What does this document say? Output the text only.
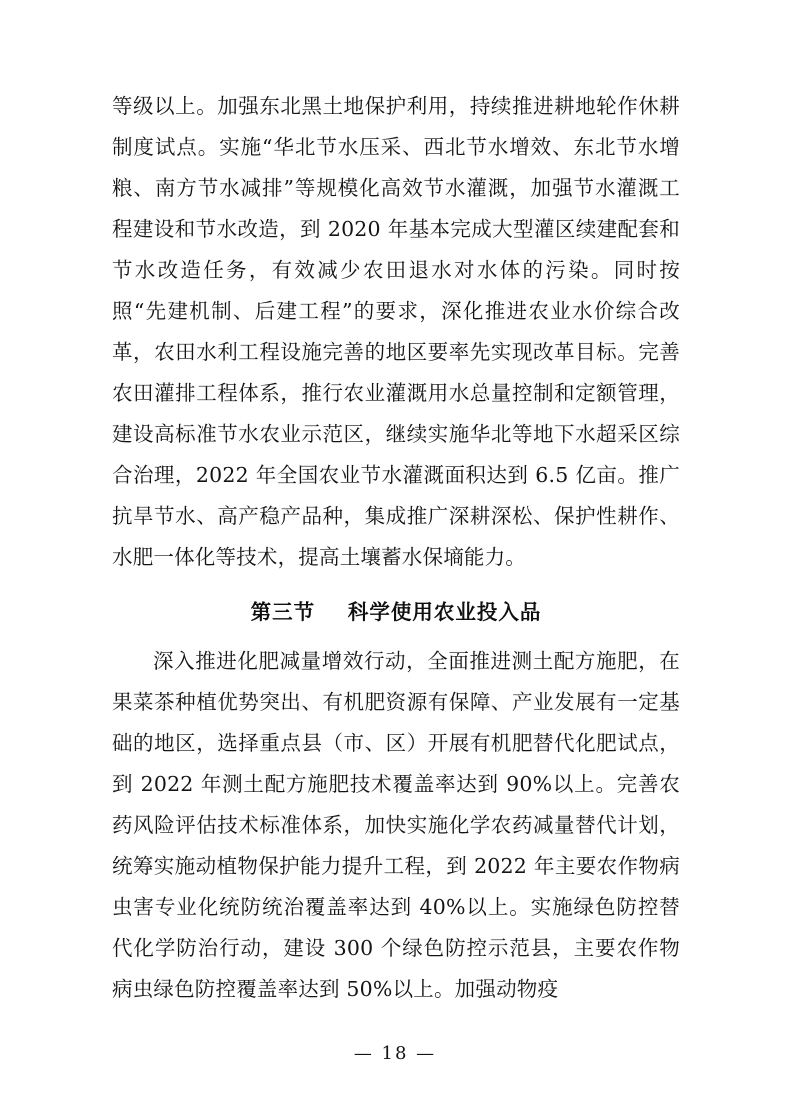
等级以上。加强东北黑土地保护利用，持续推进耕地轮作休耕制度试点。实施“华北节水压采、西北节水增效、东北节水增粮、南方节水减排”等规模化高效节水灌溉，加强节水灌溉工程建设和节水改造，到 2020 年基本完成大型灌区续建配套和节水改造任务，有效减少农田退水对水体的污染。同时按照“先建机制、后建工程”的要求，深化推进农业水价综合改革，农田水利工程设施完善的地区要率先实现改革目标。完善农田灌排工程体系，推行农业灌溉用水总量控制和定额管理，建设高标准节水农业示范区，继续实施华北等地下水超采区综合治理，2022 年全国农业节水灌溉面积达到 6.5 亿亩。推广抗旱节水、高产稳产品种，集成推广深耕深松、保护性耕作、水肥一体化等技术，提高土壤蓄水保墒能力。

第三节 科学使用农业投入品

深入推进化肥减量增效行动，全面推进测土配方施肥，在果菜茶种植优势突出、有机肥资源有保障、产业发展有一定基础的地区，选择重点县（市、区）开展有机肥替代化肥试点，到 2022 年测土配方施肥技术覆盖率达到 90%以上。完善农药风险评估技术标准体系，加快实施化学农药减量替代计划，统筹实施动植物保护能力提升工程，到 2022 年主要农作物病虫害专业化统防统治覆盖率达到 40%以上。实施绿色防控替代化学防治行动，建设 300 个绿色防控示范县，主要农作物病虫绿色防控覆盖率达到 50%以上。加强动物疫

— 18 —
